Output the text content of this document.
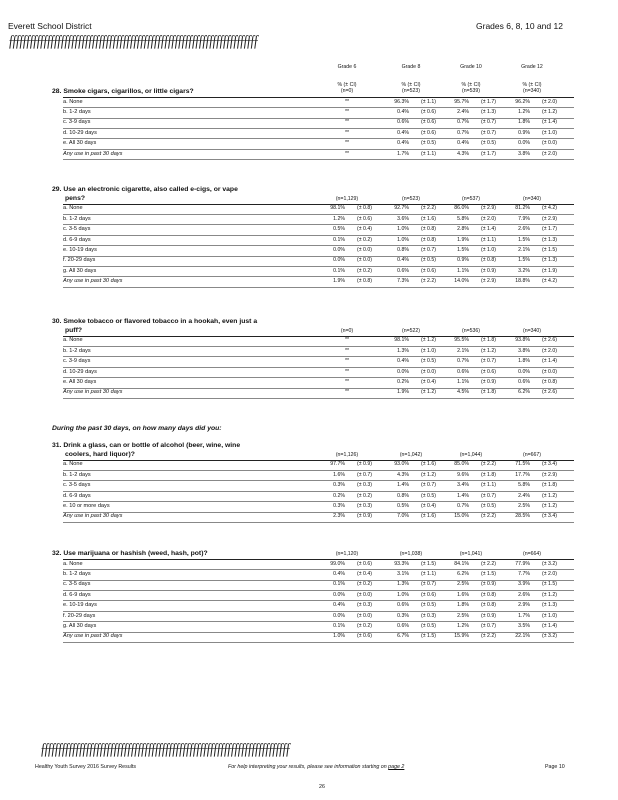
Everett School District	Grades 6, 8, 10 and 12
ƒƒƒƒƒƒƒƒƒƒƒƒƒƒƒƒƒƒƒƒƒƒƒƒƒƒƒƒƒƒƒƒƒƒƒƒƒƒƒƒƒƒƒƒƒƒƒƒƒƒƒƒƒƒƒƒƒƒƒƒƒƒƒƒƒƒƒƒƒƒƒƒ
Grade 6
% (± CI)
(n=0)
Grade 8
% (± CI)
(n=523)
Grade 10
% (± CI)
(n=539)
Grade 12
% (± CI)
(n=340)
28. Smoke cigars, cigarillos, or little cigars?
a. None	**	96.3%	(± 1.1)	95.7%	(± 1.7)	96.2%	(± 2.0)
b. 1-2 days	**	0.4%	(± 0.6)	2.4%	(± 1.3)	1.2%	(± 1.2)
c. 3-9 days	**	0.6%	(± 0.6)	0.7%	(± 0.7)	1.8%	(± 1.4)
d. 10-29 days	**	0.4%	(± 0.6)	0.7%	(± 0.7)	0.9%	(± 1.0)
e. All 30 days	**	0.4%	(± 0.5)	0.4%	(± 0.5)	0.0%	(± 0.0)
Any use in past 30 days	**	1.7%	(± 1.1)	4.3%	(± 1.7)	3.8%	(± 2.0)
29. Use an electronic cigarette, also called e-cigs, or vape
pens?	(n=1,129)	(n=523)	(n=537)	(n=340)
a. None	98.1%	(± 0.8)	92.7%	(± 2.2)	86.0%	(± 2.9)	81.2%	(± 4.2)
b. 1-2 days	1.2%	(± 0.6)	3.6%	(± 1.6)	5.8%	(± 2.0)	7.9%	(± 2.9)
c. 3-5 days	0.5%	(± 0.4)	1.0%	(± 0.8)	2.8%	(± 1.4)	2.6%	(± 1.7)
d. 6-9 days	0.1%	(± 0.2)	1.0%	(± 0.8)	1.9%	(± 1.1)	1.5%	(± 1.3)
e. 10-19 days	0.0%	(± 0.0)	0.8%	(± 0.7)	1.5%	(± 1.0)	2.1%	(± 1.5)
f. 20-29 days	0.0%	(± 0.0)	0.4%	(± 0.5)	0.9%	(± 0.8)	1.5%	(± 1.3)
g. All 30 days	0.1%	(± 0.2)	0.6%	(± 0.6)	1.1%	(± 0.9)	3.2%	(± 1.9)
Any use in past 30 days	1.9%	(± 0.8)	7.3%	(± 2.2)	14.0%	(± 2.9)	18.8%	(± 4.2)
30. Smoke tobacco or flavored tobacco in a hookah, even just a
puff?	(n=0)	(n=522)	(n=536)	(n=340)
a. None	**	98.1%	(± 1.2)	95.5%	(± 1.8)	93.8%	(± 2.6)
b. 1-2 days	**	1.3%	(± 1.0)	2.1%	(± 1.2)	3.8%	(± 2.0)
c. 3-9 days	**	0.4%	(± 0.5)	0.7%	(± 0.7)	1.8%	(± 1.4)
d. 10-29 days	**	0.0%	(± 0.0)	0.6%	(± 0.6)	0.0%	(± 0.0)
e. All 30 days	**	0.2%	(± 0.4)	1.1%	(± 0.9)	0.6%	(± 0.8)
Any use in past 30 days	**	1.9%	(± 1.2)	4.5%	(± 1.8)	6.2%	(± 2.6)
31. Drink a glass, can or bottle of alcohol (beer, wine, wine
coolers, hard liquor)?	(n=1,126)	(n=1,042)	(n=1,044)	(n=667)
a. None	97.7%	(± 0.9)	93.0%	(± 1.6)	85.0%	(± 2.2)	71.5%	(± 3.4)
b. 1-2 days	1.6%	(± 0.7)	4.3%	(± 1.2)	9.6%	(± 1.8)	17.7%	(± 2.9)
c. 3-5 days	0.3%	(± 0.3)	1.4%	(± 0.7)	3.4%	(± 1.1)	5.8%	(± 1.8)
d. 6-9 days	0.2%	(± 0.2)	0.8%	(± 0.5)	1.4%	(± 0.7)	2.4%	(± 1.2)
e. 10 or more days	0.3%	(± 0.3)	0.5%	(± 0.4)	0.7%	(± 0.5)	2.5%	(± 1.2)
Any use in past 30 days	2.3%	(± 0.9)	7.0%	(± 1.6)	15.0%	(± 2.2)	28.5%	(± 3.4)
32. Use marijuana or hashish (weed, hash, pot)?	(n=1,120)	(n=1,038)	(n=1,041)	(n=664)
a. None	99.0%	(± 0.6)	93.3%	(± 1.5)	84.1%	(± 2.2)	77.9%	(± 3.2)
b. 1-2 days	0.4%	(± 0.4)	3.1%	(± 1.1)	6.2%	(± 1.5)	7.7%	(± 2.0)
c. 3-5 days	0.1%	(± 0.2)	1.3%	(± 0.7)	2.5%	(± 0.9)	3.9%	(± 1.5)
d. 6-9 days	0.0%	(± 0.0)	1.0%	(± 0.6)	1.6%	(± 0.8)	2.6%	(± 1.2)
e. 10-19 days	0.4%	(± 0.3)	0.6%	(± 0.5)	1.8%	(± 0.8)	2.9%	(± 1.3)
f. 20-29 days	0.0%	(± 0.0)	0.3%	(± 0.3)	2.5%	(± 0.9)	1.7%	(± 1.0)
g. All 30 days	0.1%	(± 0.2)	0.6%	(± 0.5)	1.2%	(± 0.7)	3.5%	(± 1.4)
Any use in past 30 days	1.0%	(± 0.6)	6.7%	(± 1.5)	15.9%	(± 2.2)	22.1%	(± 3.2)
During the past 30 days, on how many days did you:
ƒƒƒƒƒƒƒƒƒƒƒƒƒƒƒƒƒƒƒƒƒƒƒƒƒƒƒƒƒƒƒƒƒƒƒƒƒƒƒƒƒƒƒƒƒƒƒƒƒƒƒƒƒƒƒƒƒƒƒƒƒƒƒƒƒƒƒƒƒƒƒƒ
Healthy Youth Survey 2016 Survey Results	For help interpreting your results, please see information starting on page 2	Page 10
26
